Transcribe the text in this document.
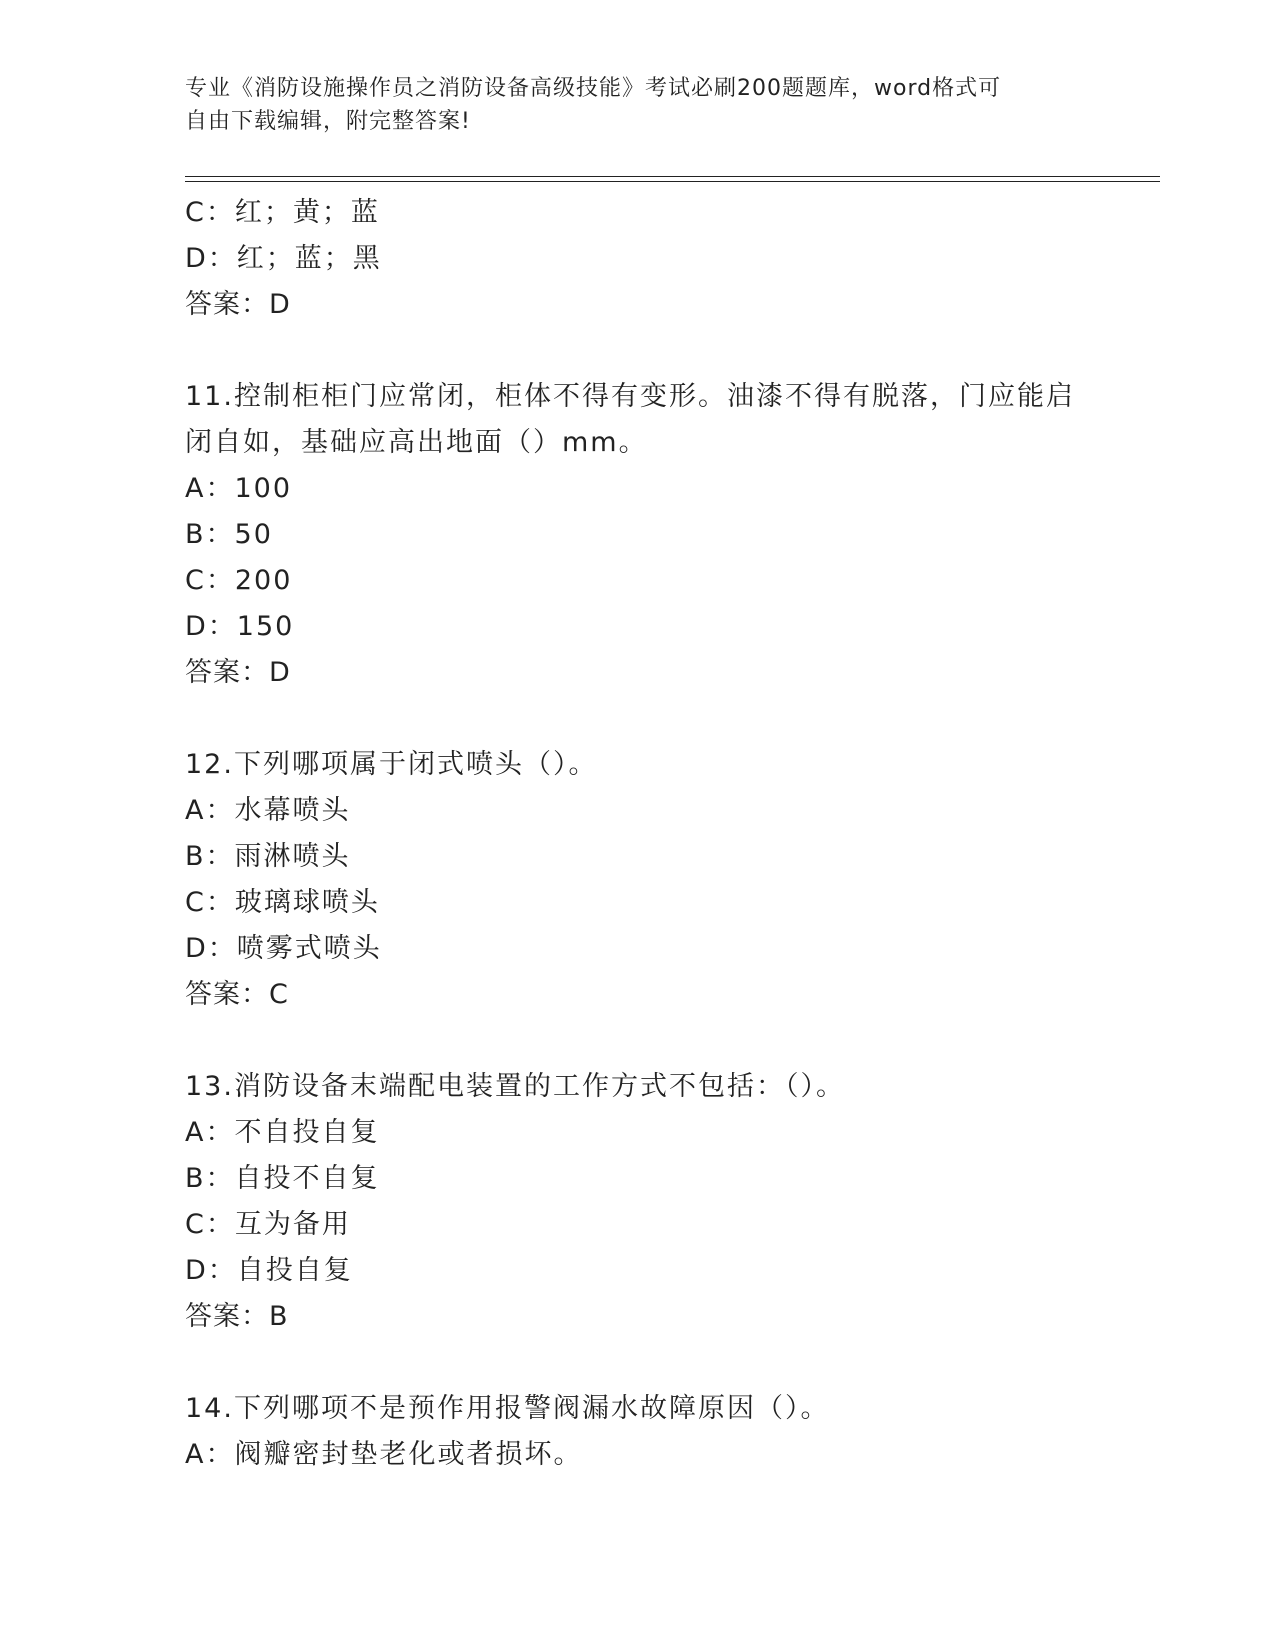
专业《消防设施操作员之消防设备高级技能》考试必刷200题题库，word格式可
自由下载编辑，附完整答案!
C：红；黄；蓝
D：红；蓝；黑
答案：D
11.控制柜柜门应常闭，柜体不得有变形。油漆不得有脱落，门应能启
闭自如，基础应高出地面（）mm。
A：100
B：50
C：200
D：150
答案：D
12.下列哪项属于闭式喷头（）。
A：水幕喷头
B：雨淋喷头
C：玻璃球喷头
D：喷雾式喷头
答案：C
13.消防设备末端配电装置的工作方式不包括：（）。
A：不自投自复
B：自投不自复
C：互为备用
D：自投自复
答案：B
14.下列哪项不是预作用报警阀漏水故障原因（）。
A：阀瓣密封垫老化或者损坏。
